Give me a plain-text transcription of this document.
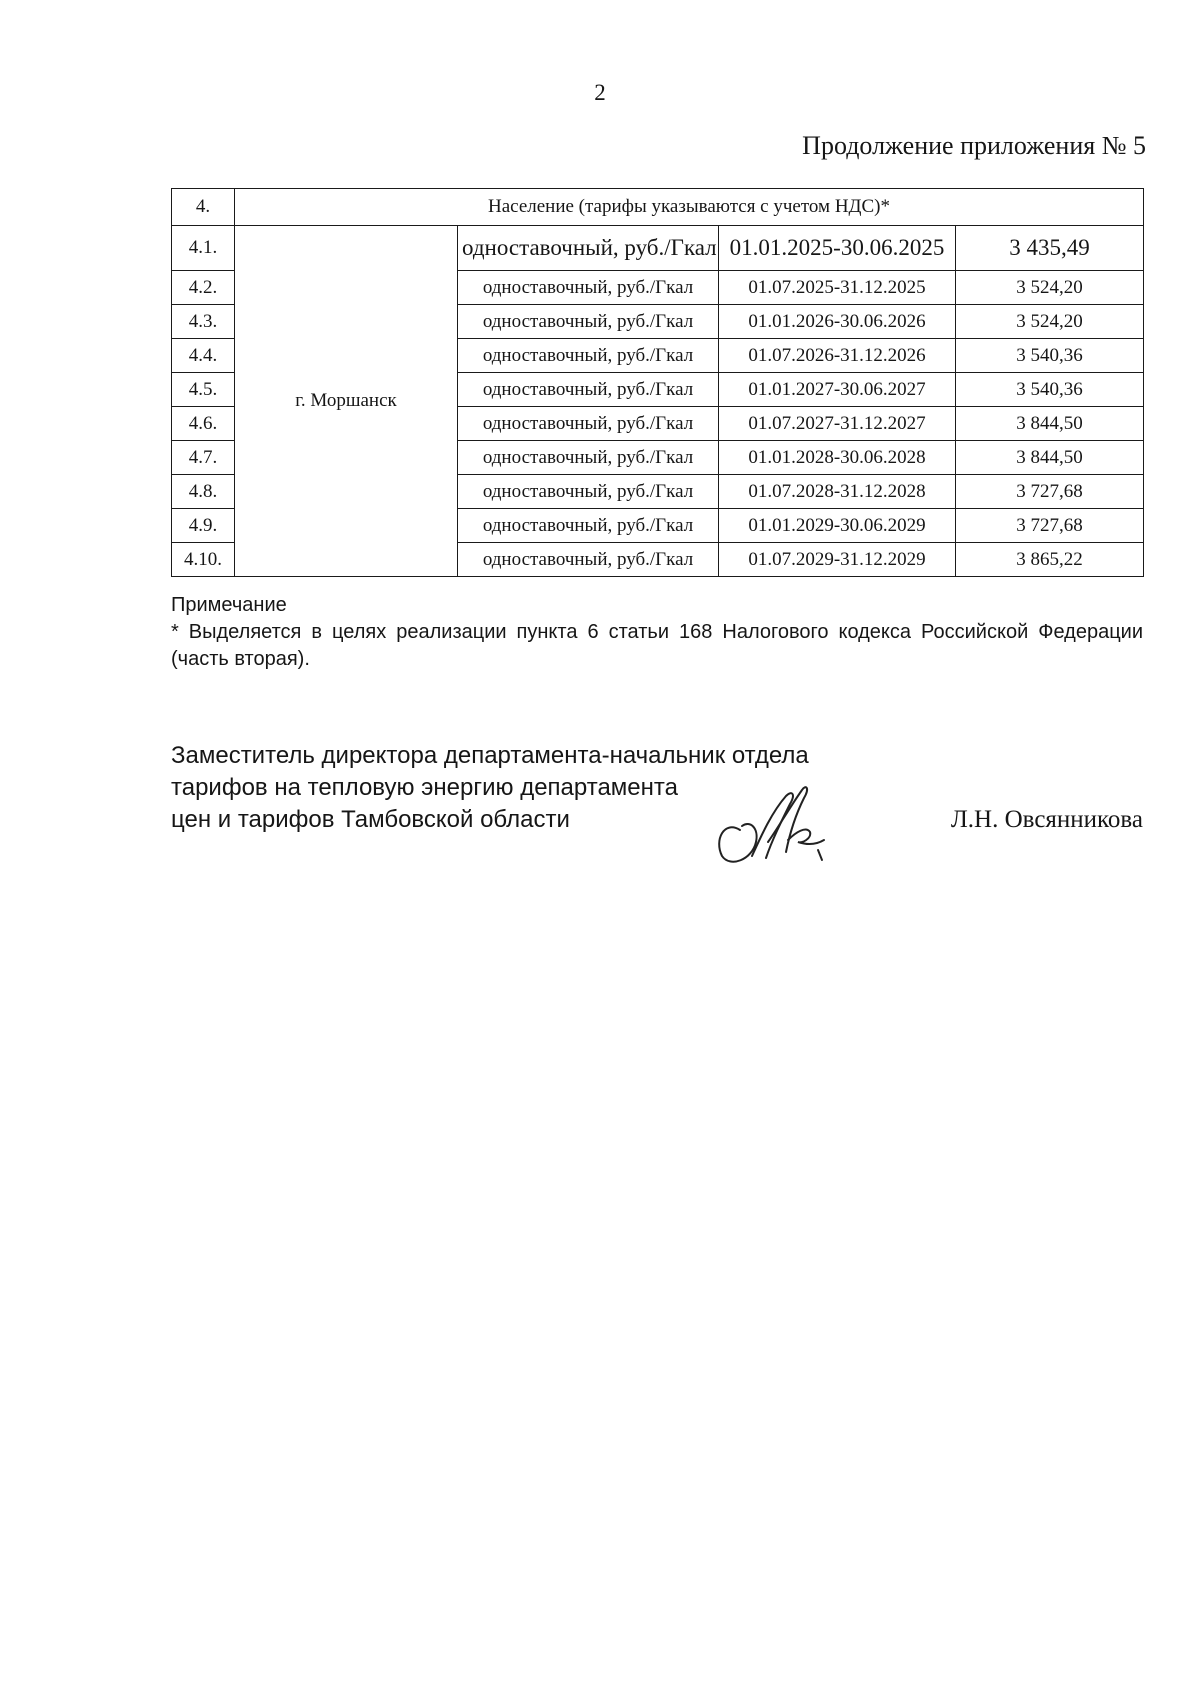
2
Продолжение приложения № 5
4.	Население (тарифы указываются с учетом НДС)*			
4.1.	г. Моршанск	одноставочный, руб./Гкал	01.01.2025-30.06.2025	3 435,49
4.2.		одноставочный, руб./Гкал	01.07.2025-31.12.2025	3 524,20
4.3.		одноставочный, руб./Гкал	01.01.2026-30.06.2026	3 524,20
4.4.		одноставочный, руб./Гкал	01.07.2026-31.12.2026	3 540,36
4.5.		одноставочный, руб./Гкал	01.01.2027-30.06.2027	3 540,36
4.6.		одноставочный, руб./Гкал	01.07.2027-31.12.2027	3 844,50
4.7.		одноставочный, руб./Гкал	01.01.2028-30.06.2028	3 844,50
4.8.		одноставочный, руб./Гкал	01.07.2028-31.12.2028	3 727,68
4.9.		одноставочный, руб./Гкал	01.01.2029-30.06.2029	3 727,68
4.10.		одноставочный, руб./Гкал	01.07.2029-31.12.2029	3 865,22
Примечание
* Выделяется в целях реализации пункта 6 статьи 168 Налогового кодекса Российской Федерации (часть вторая).
Заместитель директора департамента-начальник отдела
тарифов на тепловую энергию департамента
цен и тарифов Тамбовской области	Л.Н. Овсянникова
